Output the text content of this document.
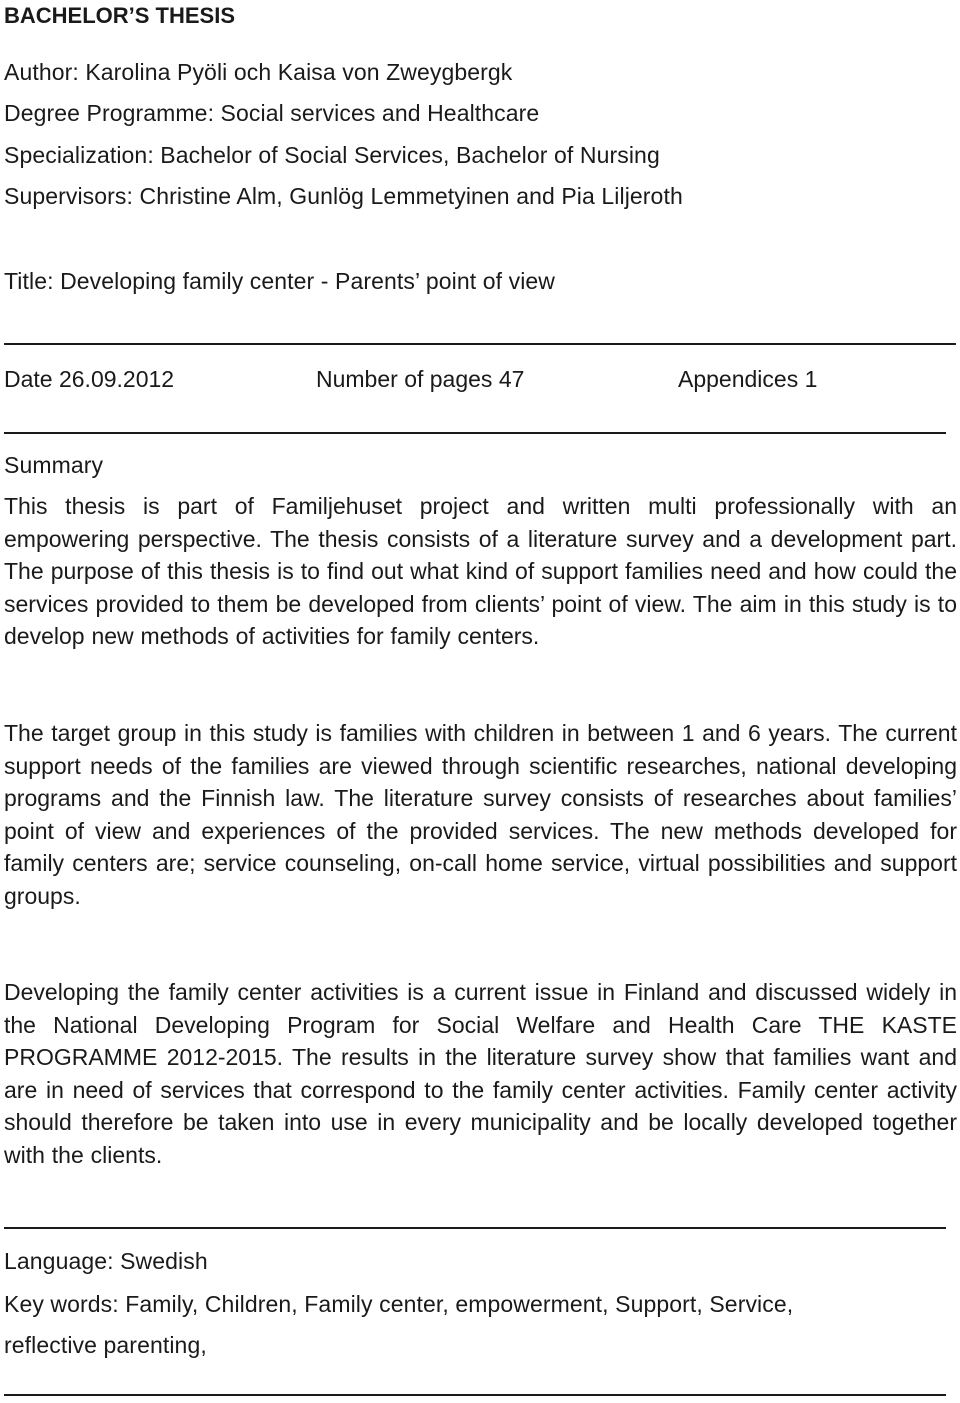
BACHELOR’S THESIS
Author: Karolina Pyöli och Kaisa von Zweygbergk
Degree Programme: Social services and Healthcare
Specialization: Bachelor of Social Services, Bachelor of Nursing
Supervisors: Christine Alm, Gunlög Lemmetyinen and Pia Liljeroth
Title: Developing family center - Parents’ point of view
Date 26.09.2012	Number of pages 47	Appendices 1
Summary

This thesis is part of Familjehuset project and written multi professionally with an empowering perspective. The thesis consists of a literature survey and a development part. The purpose of this thesis is to find out what kind of support families need and how could the services provided to them be developed from clients’ point of view. The aim in this study is to develop new methods of activities for family centers.

The target group in this study is families with children in between 1 and 6 years. The current support needs of the families are viewed through scientific researches, national developing programs and the Finnish law. The literature survey consists of researches about families’ point of view and experiences of the provided services. The new methods developed for family centers are; service counseling, on-call home service, virtual possibilities and support groups.

Developing the family center activities is a current issue in Finland and discussed widely in the National Developing Program for Social Welfare and Health Care THE KASTE PROGRAMME 2012-2015. The results in the literature survey show that families want and are in need of services that correspond to the family center activities. Family center activity should therefore be taken into use in every municipality and be locally developed together with the clients.

Language: Swedish
Key words: Family, Children, Family center, empowerment, Support, Service,
reflective parenting,
